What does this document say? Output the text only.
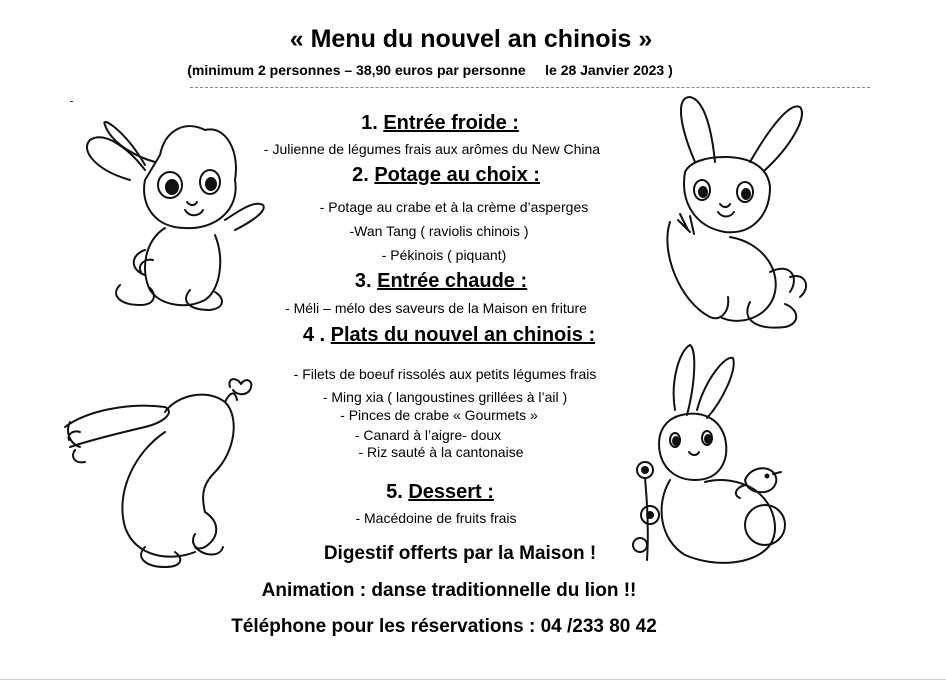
« Menu du nouvel an chinois »
(minimum 2 personnes – 38,90 euros par personne     le 28 Janvier 2023 )
1. Entrée froide :
- Julienne de légumes frais aux arômes du New China
2. Potage au choix :
- Potage au crabe et à la crème d’asperges
-Wan Tang ( raviolis chinois )
- Pékinois ( piquant)
3. Entrée chaude :
- Méli – mélo des saveurs de la Maison en friture
4 . Plats du nouvel an chinois :
- Filets de boeuf rissolés aux petits légumes frais
- Ming xia ( langoustines grillées à l’ail )
- Pinces de crabe « Gourmets »
- Canard à l’aigre- doux
- Riz sauté à la cantonaise
5. Dessert :
- Macédoine de fruits frais
Digestif offerts par la Maison !
Animation : danse traditionnelle du lion !!
Téléphone pour les réservations : 04 /233 80 42
